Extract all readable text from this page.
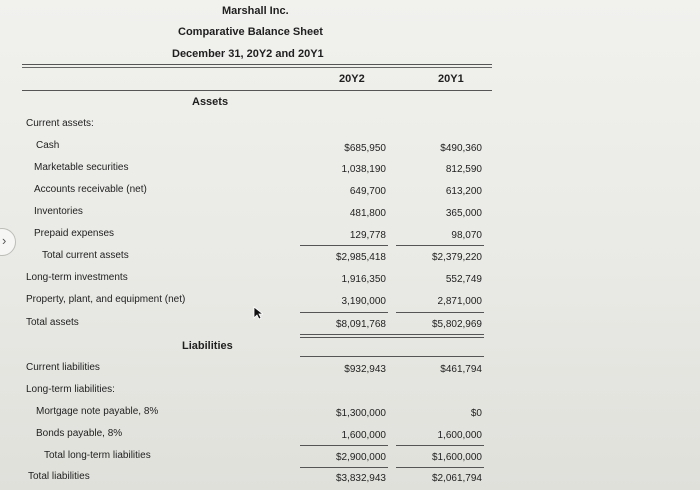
Marshall Inc.
Comparative Balance Sheet
December 31, 20Y2 and 20Y1
20Y2	20Y1
Assets
Current assets:
Cash	$685,950	$490,360
Marketable securities	1,038,190	812,590
Accounts receivable (net)	649,700	613,200
Inventories	481,800	365,000
Prepaid expenses	129,778	98,070
Total current assets	$2,985,418	$2,379,220
Long-term investments	1,916,350	552,749
Property, plant, and equipment (net)	3,190,000	2,871,000
Total assets	$8,091,768	$5,802,969
Liabilities
Current liabilities	$932,943	$461,794
Long-term liabilities:
Mortgage note payable, 8%	$1,300,000	$0
Bonds payable, 8%	1,600,000	1,600,000
Total long-term liabilities	$2,900,000	$1,600,000
Total liabilities	$3,832,943	$2,061,794
›
